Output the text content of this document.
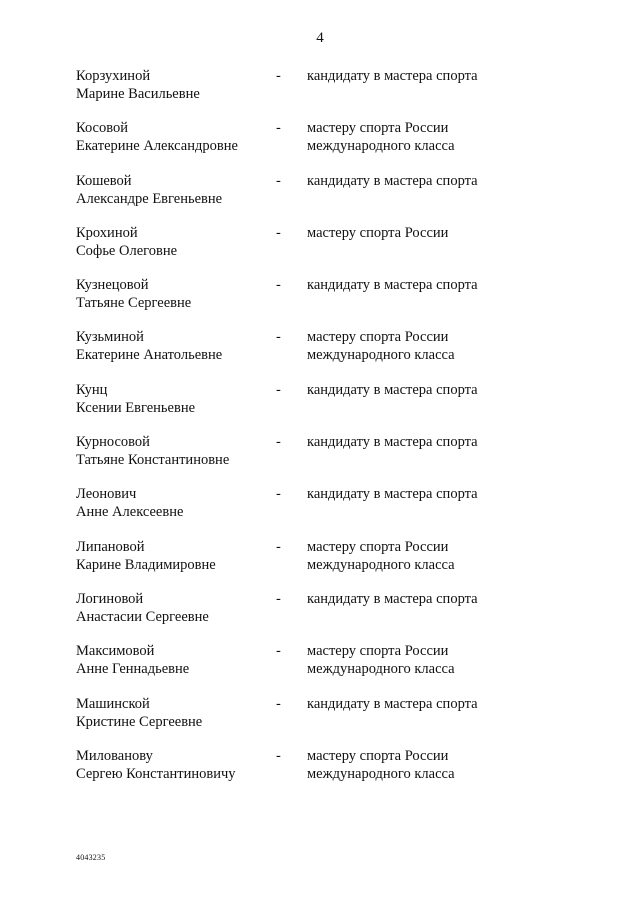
4
Корзухиной
Марине Васильевне
- кандидату в мастера спорта
Косовой
Екатерине Александровне
- мастеру спорта России
международного класса
Кошевой
Александре Евгеньевне
- кандидату в мастера спорта
Крохиной
Софье Олеговне
- мастеру спорта России
Кузнецовой
Татьяне Сергеевне
- кандидату в мастера спорта
Кузьминой
Екатерине Анатольевне
- мастеру спорта России
международного класса
Кунц
Ксении Евгеньевне
- кандидату в мастера спорта
Курносовой
Татьяне Константиновне
- кандидату в мастера спорта
Леонович
Анне Алексеевне
- кандидату в мастера спорта
Липановой
Карине Владимировне
- мастеру спорта России
международного класса
Логиновой
Анастасии Сергеевне
- кандидату в мастера спорта
Максимовой
Анне Геннадьевне
- мастеру спорта России
международного класса
Машинской
Кристине Сергеевне
- кандидату в мастера спорта
Милованову
Сергею Константиновичу
- мастеру спорта России
международного класса
4043235
